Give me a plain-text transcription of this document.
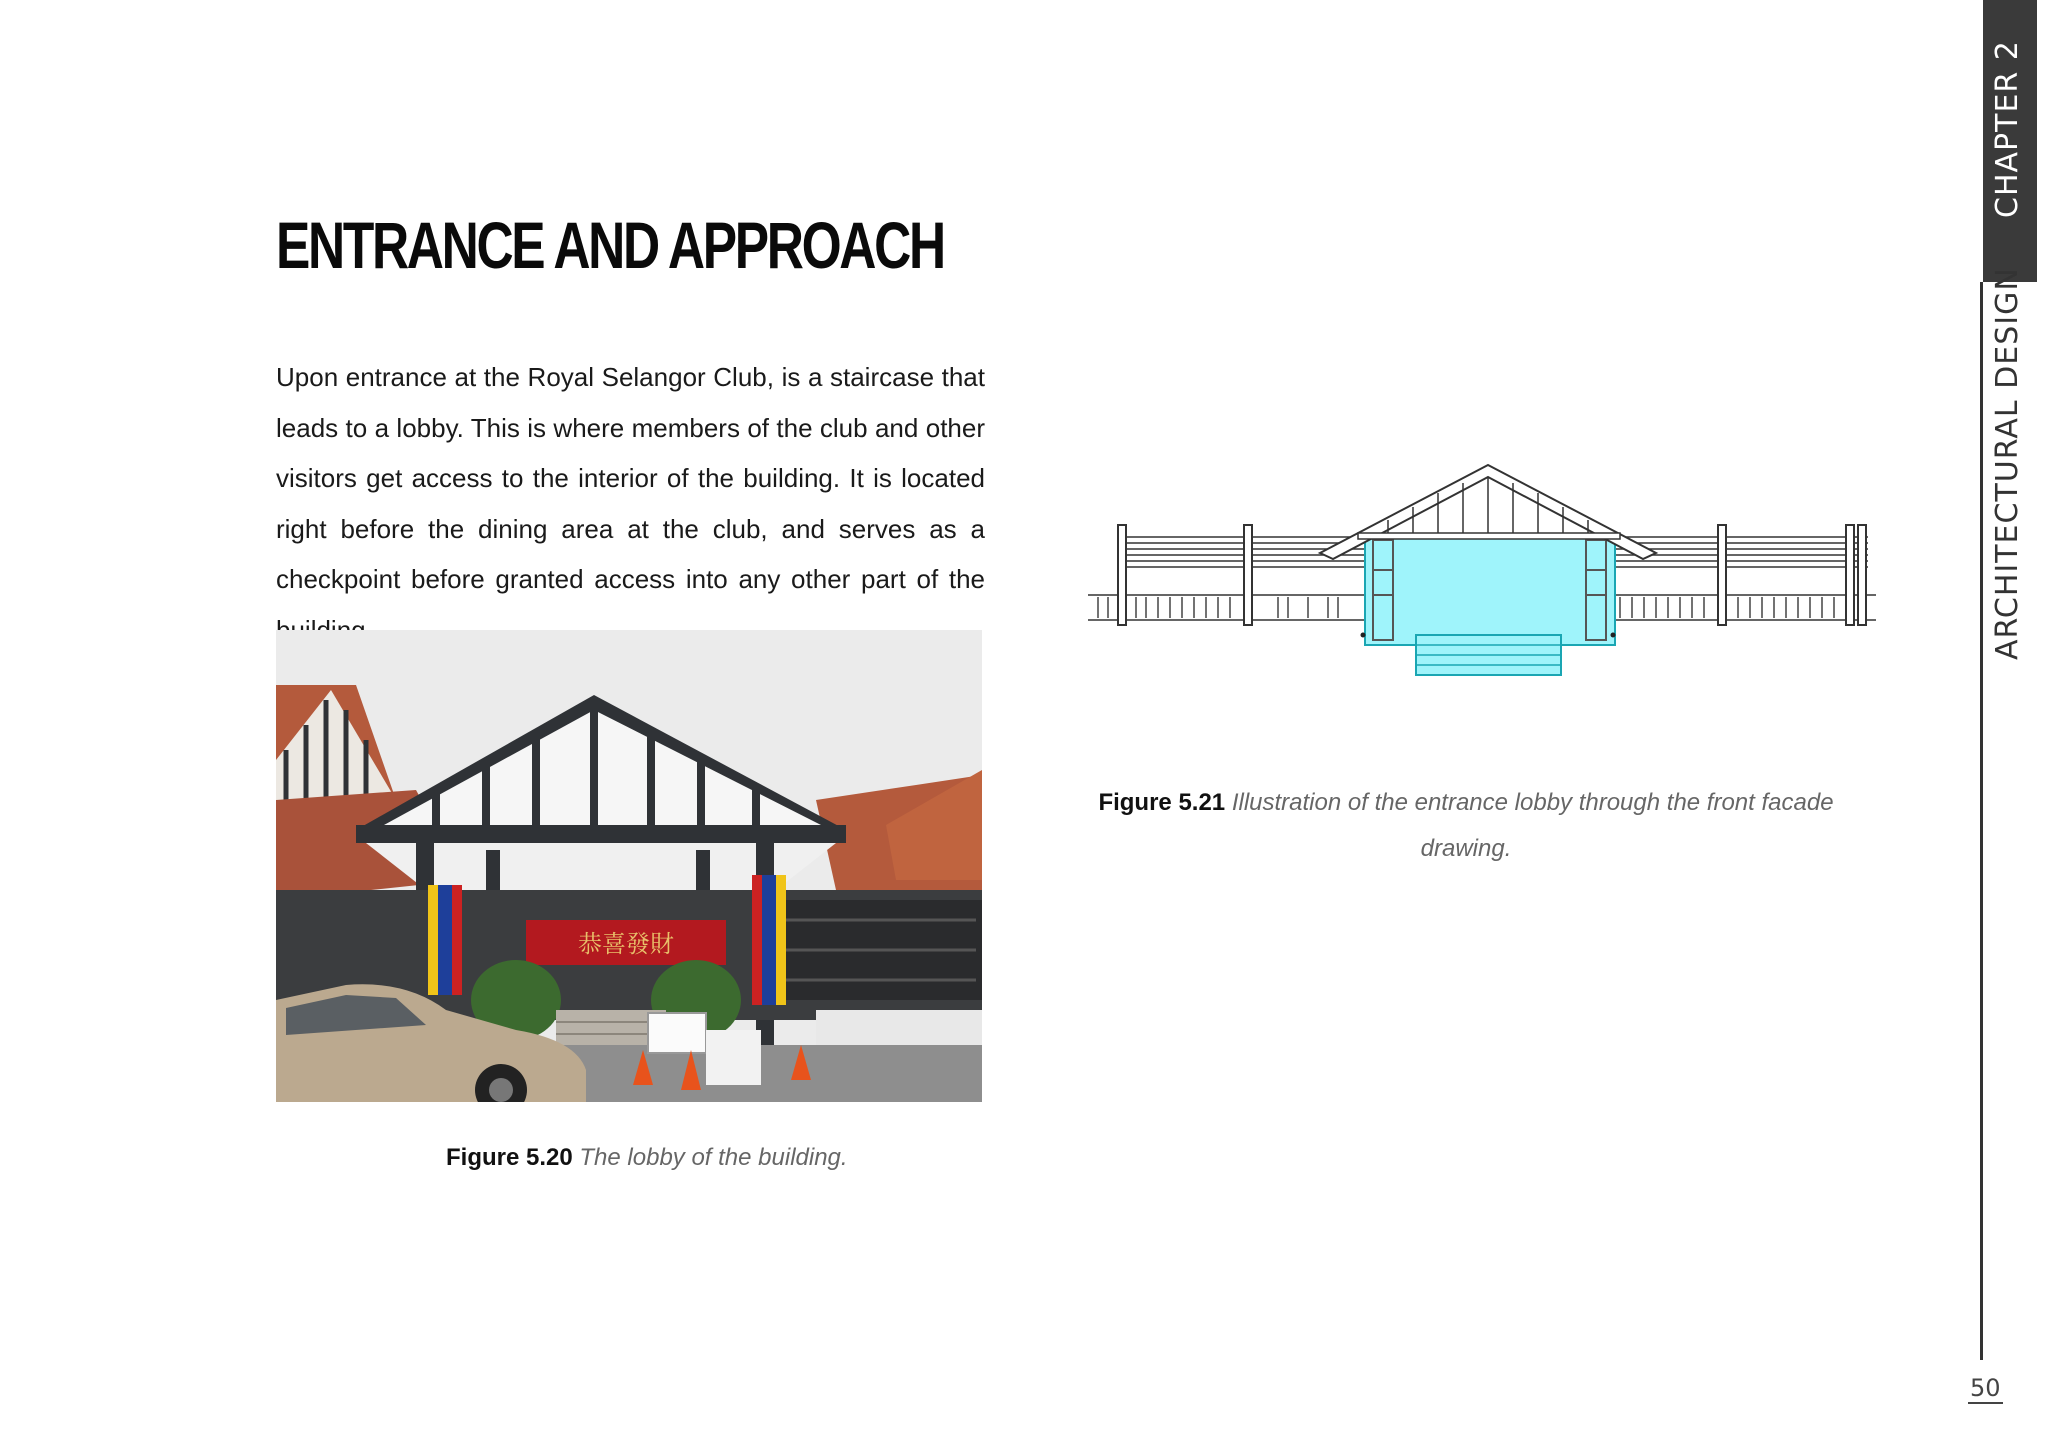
ENTRANCE AND APPROACH
Upon entrance at the Royal Selangor Club, is a staircase that leads to a lobby. This is where members of the club and other visitors get access to the interior of the building. It is located right before the dining area at the club, and serves as a checkpoint before granted access into any other part of the
恭喜發財
Figure 5.20 The lobby of the building.
Figure 5.21 Illustration of the entrance lobby through the front facade drawing.
CHAPTER 2
ARCHITECTURAL DESIGN
50
